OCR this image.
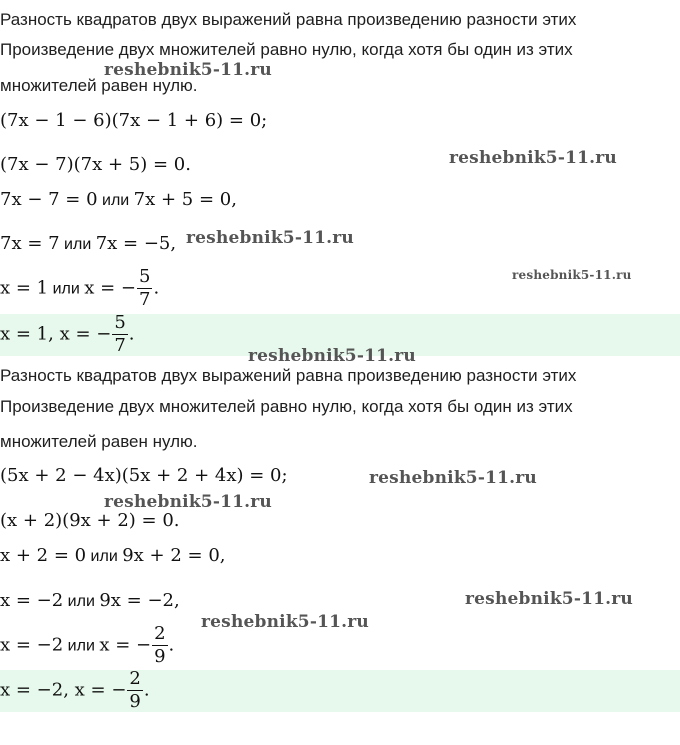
Разность квадратов двух выражений равна произведению разности этих
Произведение двух множителей равно нулю, когда хотя бы один из этих
множителей равен нулю.
(7x − 1 − 6)(7x − 1 + 6) = 0;
(7x − 7)(7x + 5) = 0.
7x − 7 = 0 или 7x + 5 = 0,
7x = 7 или 7x = −5,
x = 1 или x = − $\frac{5}{7}$ .
x = 1, x = − $\frac{5}{7}$ .
Разность квадратов двух выражений равна произведению разности этих
Произведение двух множителей равно нулю, когда хотя бы один из этих
множителей равен нулю.
(5x + 2 − 4x)(5x + 2 + 4x) = 0;
(x + 2)(9x + 2) = 0.
x + 2 = 0 или 9x + 2 = 0,
x = −2 или 9x = −2,
x = −2 или x = − $\frac{2}{9}$ .
x = −2, x = − $\frac{2}{9}$ .
reshebnik5-11.ru
reshebnik5-11.ru
reshebnik5-11.ru
reshebnik5-11.ru
reshebnik5-11.ru
reshebnik5-11.ru
reshebnik5-11.ru
reshebnik5-11.ru
reshebnik5-11.ru
